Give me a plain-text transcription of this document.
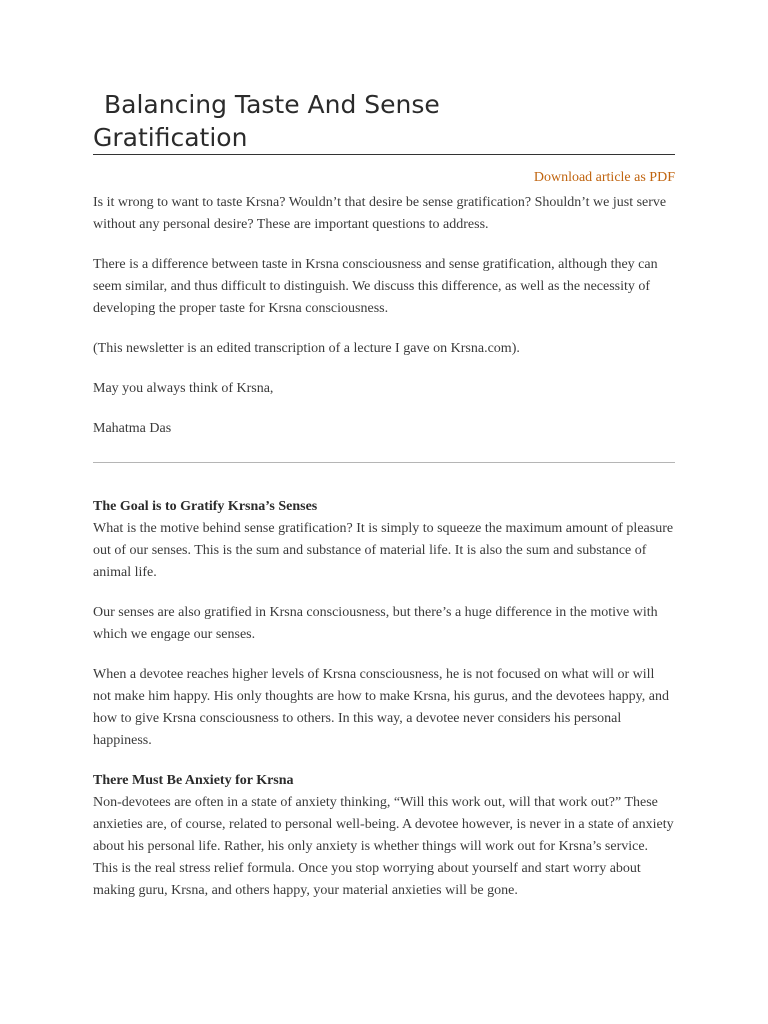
Balancing Taste And Sense
Gratification
Download article as PDF

Is it wrong to want to taste Krsna? Wouldn’t that desire be sense gratification? Shouldn’t we just serve without any personal desire? These are important questions to address.

There is a difference between taste in Krsna consciousness and sense gratification, although they can seem similar, and thus difficult to distinguish. We discuss this difference, as well as the necessity of developing the proper taste for Krsna consciousness.

(This newsletter is an edited transcription of a lecture I gave on Krsna.com).

May you always think of Krsna,

Mahatma Das

The Goal is to Gratify Krsna’s Senses

What is the motive behind sense gratification? It is simply to squeeze the maximum amount of pleasure out of our senses. This is the sum and substance of material life. It is also the sum and substance of animal life.

Our senses are also gratified in Krsna consciousness, but there’s a huge difference in the motive with which we engage our senses.

When a devotee reaches higher levels of Krsna consciousness, he is not focused on what will or will not make him happy. His only thoughts are how to make Krsna, his gurus, and the devotees happy, and how to give Krsna consciousness to others. In this way, a devotee never considers his personal happiness.

There Must Be Anxiety for Krsna

Non-devotees are often in a state of anxiety thinking, “Will this work out, will that work out?” These anxieties are, of course, related to personal well-being. A devotee however, is never in a state of anxiety about his personal life. Rather, his only anxiety is whether things will work out for Krsna’s service. This is the real stress relief formula. Once you stop worrying about yourself and start worry about making guru, Krsna, and others happy, your material anxieties will be gone.
